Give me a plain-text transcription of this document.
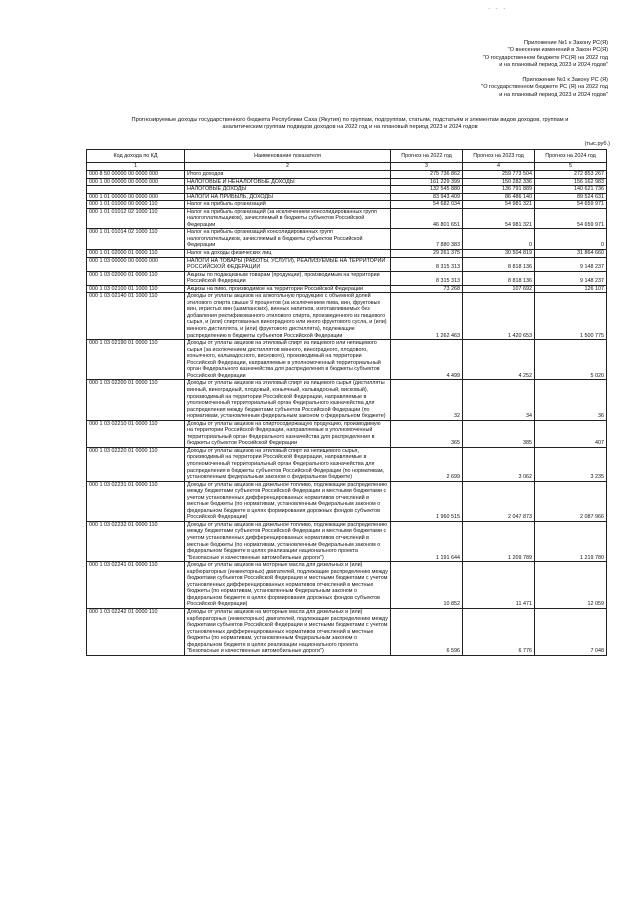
- - -
Приложение №1 к Закону РС(Я)
"О внесении изменений в Закон РС(Я)
"О государственном бюджете РС(Я) на 2022 год
и на плановый период 2023 и 2024 годов"
Приложение №1 к Закону РС (Я)
"О государственном бюджете РС (Я) на 2022 год
и на плановый период 2023 и 2024 годов"
Прогнозируемые доходы государственного бюджета Республики Саха (Якутия) по группам, подгруппам, статьям, подстатьям и элементам видов доходов, группам и
аналитическим группам подвидов доходов на 2022 год и на плановый период 2023 и 2024 годов
(тыс.руб.)
Код дохода по КД	Наименование показателя	Прогноз на 2022 год	Прогноз на 2023 год	Прогноз на 2024 год
1	2	3	4	5
000 8 50 00000 00 0000 000	Итого доходов	275 736 862	259 773 504	272 853 267
000 1 00 00000 00 0000 000	НАЛОГОВЫЕ И НЕНАЛОГОВЫЕ ДОХОДЫ	161 229 399	150 282 336	156 162 983
	НАЛОГОВЫЕ ДОХОДЫ	132 545 880	136 791 889	140 621 736
000 1 01 00000 00 0000 000	НАЛОГИ НА ПРИБЫЛЬ, ДОХОДЫ	83 943 409	86 486 140	89 524 631
000 1 01 01000 00 0000 110	Налог на прибыль организаций	54 682 034	54 981 321	54 659 971
000 1 01 01012 02 1000 110	Налог на прибыль организаций (за исключением консолидированных групп налогоплательщиков), зачисляемый в бюджеты субъектов Российской Федерации	46 801 651	54 981 321	54 659 971
000 1 01 01014 02 1000 110	Налог на прибыль организаций консолидированных групп налогоплательщиков, зачисляемый в бюджеты субъектов Российской Федерации	7 880 383	0	0
000 1 01 02000 01 0000 110	Налог на доходы физических лиц	29 261 375	30 504 819	31 864 660
000 1 03 00000 00 0000 000	НАЛОГИ НА ТОВАРЫ (РАБОТЫ, УСЛУГИ), РЕАЛИЗУЕМЫЕ НА ТЕРРИТОРИИ РОССИЙСКОЙ ФЕДЕРАЦИИ	8 315 313	8 818 136	9 148 237
000 1 03 02000 01 0000 110	Акцизы по подакцизным товарам (продукции), производимым на территории Российской Федерации	8 315 313	8 818 136	9 148 237
000 1 03 02100 01 1000 110	Акцизы на пиво, производимое на территории Российской Федерации	73 268	107 692	126 107
000 1 03 02140 01 1000 110	Доходы от уплаты акцизов на алкогольную продукцию с объемной долей этилового спирта свыше 9 процентов (за исключением пива, вин, фруктовых вин, игристых вин (шампанских), винных напитков, изготавливаемых без добавления ректификованного этилового спирта, произведенного из пищевого сырья, и (или) спиртованных виноградного или иного фруктового сусла, и (или) винного дистиллята, и (или) фруктового дистиллята), подлежащие распределению в бюджеты субъектов Российской Федерации	1 262 463	1 420 653	1 500 775
000 1 03 02190 01 0000 110	Доходы от уплаты акцизов на этиловый спирт из пищевого или непищевого сырья (за исключением дистиллятов винного, виноградного, плодового, коньячного, кальвадосного, вискового), производимый на территории Российской Федерации, направляемые в уполномоченный территориальный орган Федерального казначейства для распределения в бюджеты субъектов Российской Федерации	4 499	4 252	5 020
000 1 03 02200 01 0000 110	Доходы от уплаты акцизов на этиловый спирт из пищевого сырья (дистилляты винный, виноградный, плодовый, коньячный, кальвадосный, висковый), производимый на территории Российской Федерации, направляемые в уполномоченный территориальный орган Федерального казначейства для распределения между бюджетами субъектов Российской Федерации (по нормативам, установленным федеральным законом о федеральном бюджете)	32	34	36
000 1 03 02210 01 0000 110	Доходы от уплаты акцизов на спиртосодержащую продукцию, производимую на территории Российской Федерации, направляемые в уполномоченный территориальный орган Федерального казначейства для распределения в бюджеты субъектов Российской Федерации	365	385	407
000 1 03 02220 01 0000 110	Доходы от уплаты акцизов на этиловый спирт из непищевого сырья, производимый на территории Российской Федерации, направляемые в уполномоченный территориальный орган Федерального казначейства для распределения в бюджеты субъектов Российской Федерации (по нормативам, установленным федеральным законом о федеральном бюджете)	2 699	3 062	3 235
000 1 03 02231 01 0000 110	Доходы от уплаты акцизов на дизельное топливо, подлежащие распределению между бюджетами субъектов Российской Федерации и местными бюджетами с учетом установленных дифференцированных нормативов отчислений в местные бюджеты (по нормативам, установленным Федеральным законом о федеральном бюджете в целях формирования дорожных фондов субъектов Российской Федерации)	1 960 515	2 047 873	2 087 966
000 1 03 02232 01 0000 110	Доходы от уплаты акцизов на дизельное топливо, подлежащие распределению между бюджетами субъектов Российской Федерации и местными бюджетами с учетом установленных дифференцированных нормативов отчислений в местные бюджеты (по нормативам, установленным Федеральным законом о федеральном бюджете в целях реализации национального проекта "Безопасные и качественные автомобильные дороги")	1 191 644	1 209 789	1 219 780
000 1 03 02241 01 0000 110	Доходы от уплаты акцизов на моторные масла для дизельных и (или) карбюраторных (инжекторных) двигателей, подлежащие распределению между бюджетами субъектов Российской Федерации и местными бюджетами с учетом установленных дифференцированных нормативов отчислений в местные бюджеты (по нормативам, установленным Федеральным законом о федеральном бюджете в целях формирования дорожных фондов субъектов Российской Федерации)	10 852	11 471	12 059
000 1 03 02242 01 0000 110	Доходы от уплаты акцизов на моторные масла для дизельных и (или) карбюраторных (инжекторных) двигателей, подлежащие распределению между бюджетами субъектов Российской Федерации и местными бюджетами с учетом установленных дифференцированных нормативов отчислений в местные бюджеты (по нормативам, установленным Федеральным законом о федеральном бюджете в целях реализации национального проекта "Безопасные и качественные автомобильные дороги")	6 596	6 776	7 048
